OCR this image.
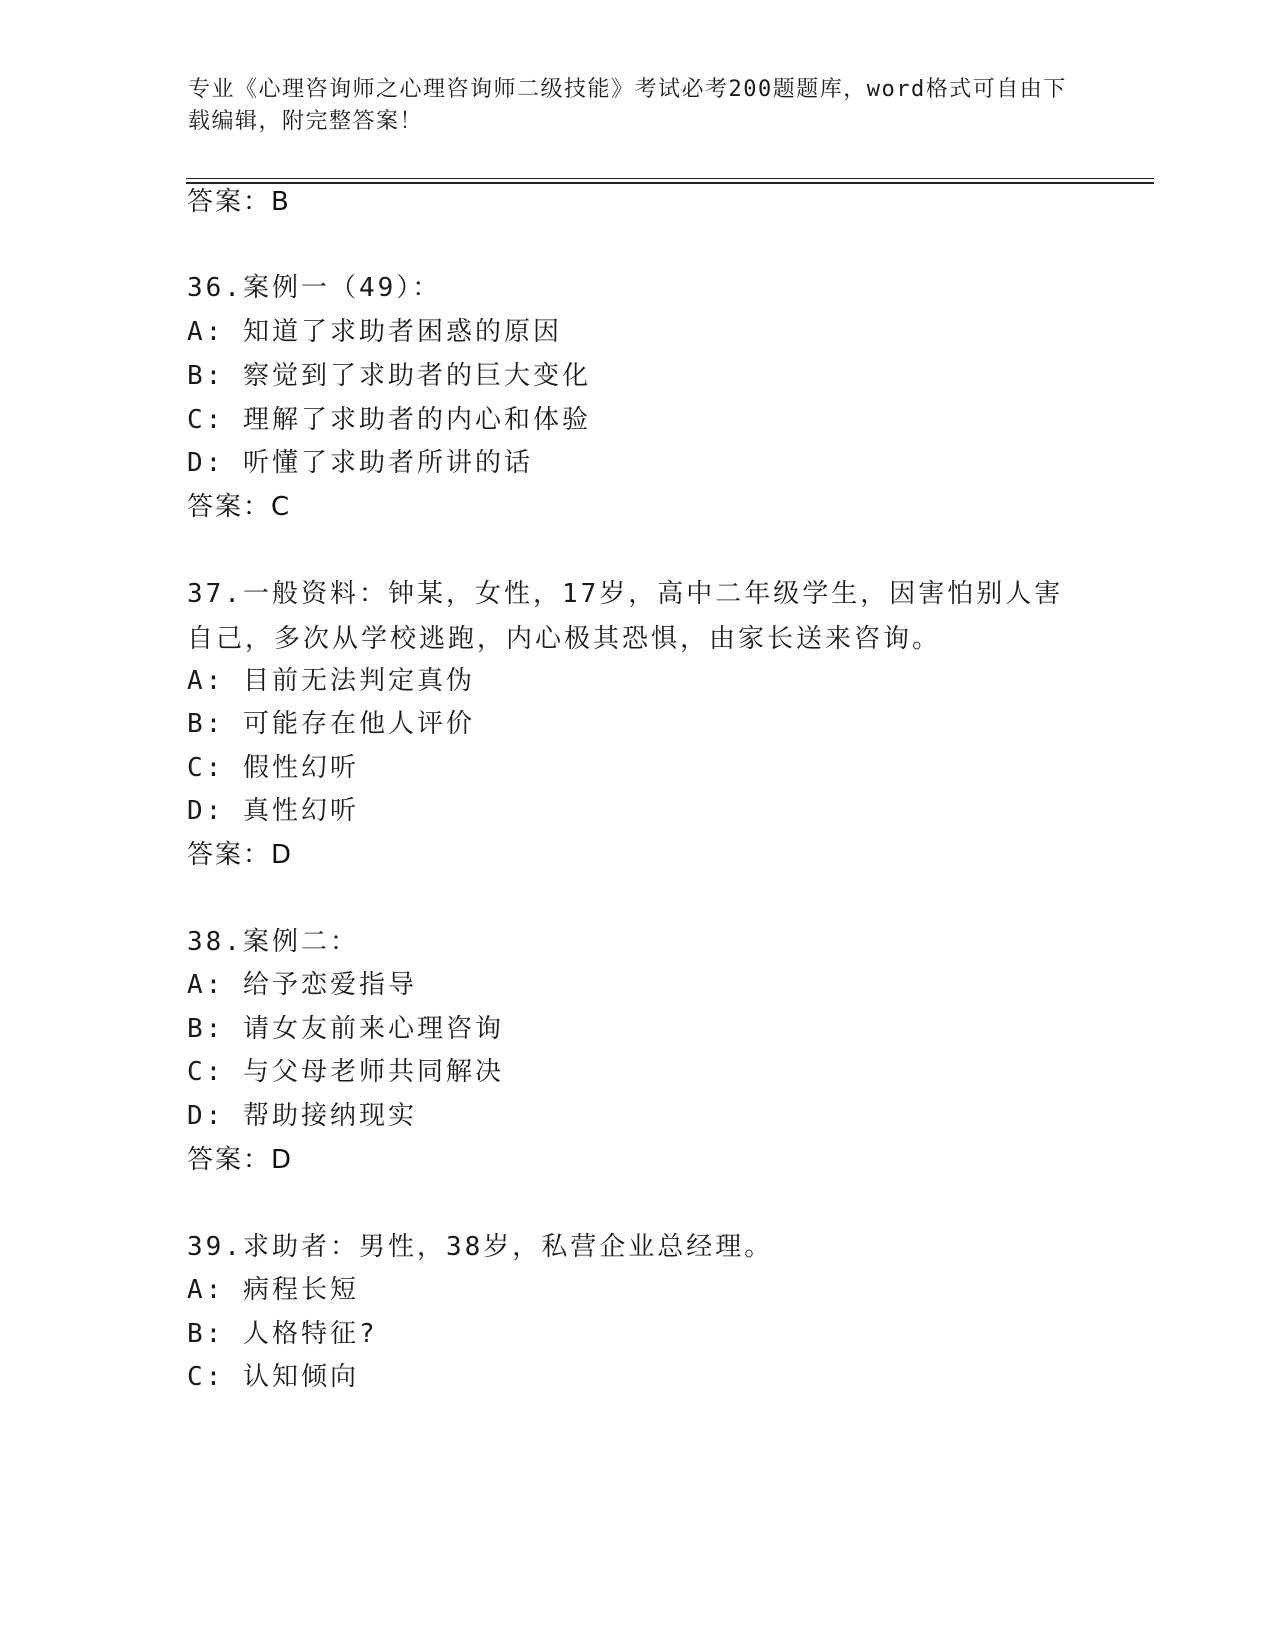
专业《心理咨询师之心理咨询师二级技能》考试必考200题题库，word格式可自由下载编辑，附完整答案！
答案：B
36.案例一（49）：
A: 知道了求助者困惑的原因
B: 察觉到了求助者的巨大变化
C: 理解了求助者的内心和体验
D: 听懂了求助者所讲的话
答案：C
37.一般资料：钟某，女性，17岁，高中二年级学生，因害怕别人害自己，多次从学校逃跑，内心极其恐惧，由家长送来咨询。
A: 目前无法判定真伪
B: 可能存在他人评价
C: 假性幻听
D: 真性幻听
答案：D
38.案例二：
A: 给予恋爱指导
B: 请女友前来心理咨询
C: 与父母老师共同解决
D: 帮助接纳现实
答案：D
39.求助者：男性，38岁，私营企业总经理。
A: 病程长短
B: 人格特征?
C: 认知倾向
